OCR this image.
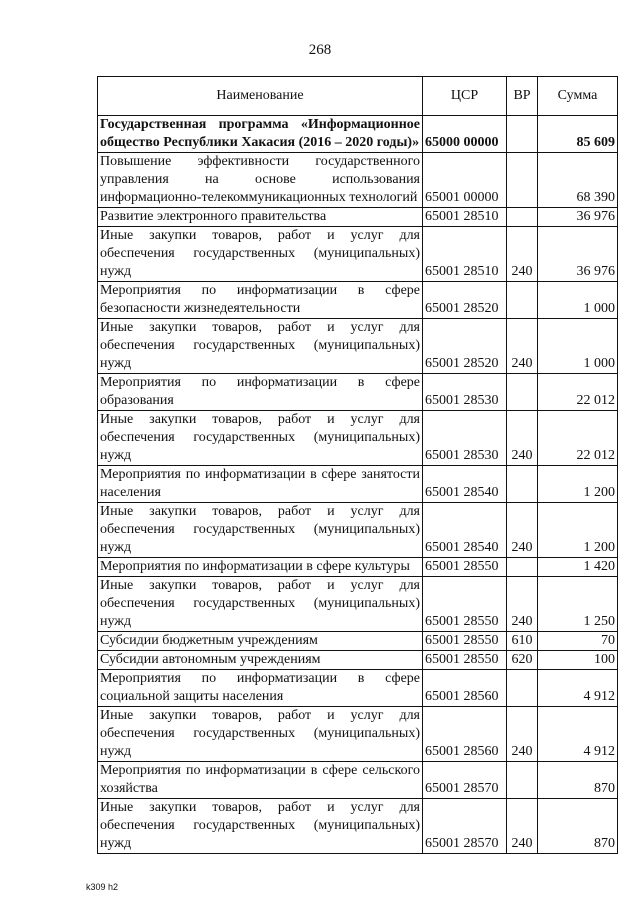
268
Наименование	ЦСР	ВР	Сумма
Государственная программа «Информационное общество Республики Хакасия (2016 – 2020 годы)»	65000 00000		85 609
Повышение эффективности государственного управления на основе использования информационно-телекоммуникационных технологий	65001 00000		68 390
Развитие электронного правительства	65001 28510		36 976
Иные закупки товаров, работ и услуг для обеспечения государственных (муниципальных) нужд	65001 28510	240	36 976
Мероприятия по информатизации в сфере безопасности жизнедеятельности	65001 28520		1 000
Иные закупки товаров, работ и услуг для обеспечения государственных (муниципальных) нужд	65001 28520	240	1 000
Мероприятия по информатизации в сфере образования	65001 28530		22 012
Иные закупки товаров, работ и услуг для обеспечения государственных (муниципальных) нужд	65001 28530	240	22 012
Мероприятия по информатизации в сфере занятости населения	65001 28540		1 200
Иные закупки товаров, работ и услуг для обеспечения государственных (муниципальных) нужд	65001 28540	240	1 200
Мероприятия по информатизации в сфере культуры	65001 28550		1 420
Иные закупки товаров, работ и услуг для обеспечения государственных (муниципальных) нужд	65001 28550	240	1 250
Субсидии бюджетным учреждениям	65001 28550	610	70
Субсидии автономным учреждениям	65001 28550	620	100
Мероприятия по информатизации в сфере социальной защиты населения	65001 28560		4 912
Иные закупки товаров, работ и услуг для обеспечения государственных (муниципальных) нужд	65001 28560	240	4 912
Мероприятия по информатизации в сфере сельского хозяйства	65001 28570		870
Иные закупки товаров, работ и услуг для обеспечения государственных (муниципальных) нужд	65001 28570	240	870
k309 h2
